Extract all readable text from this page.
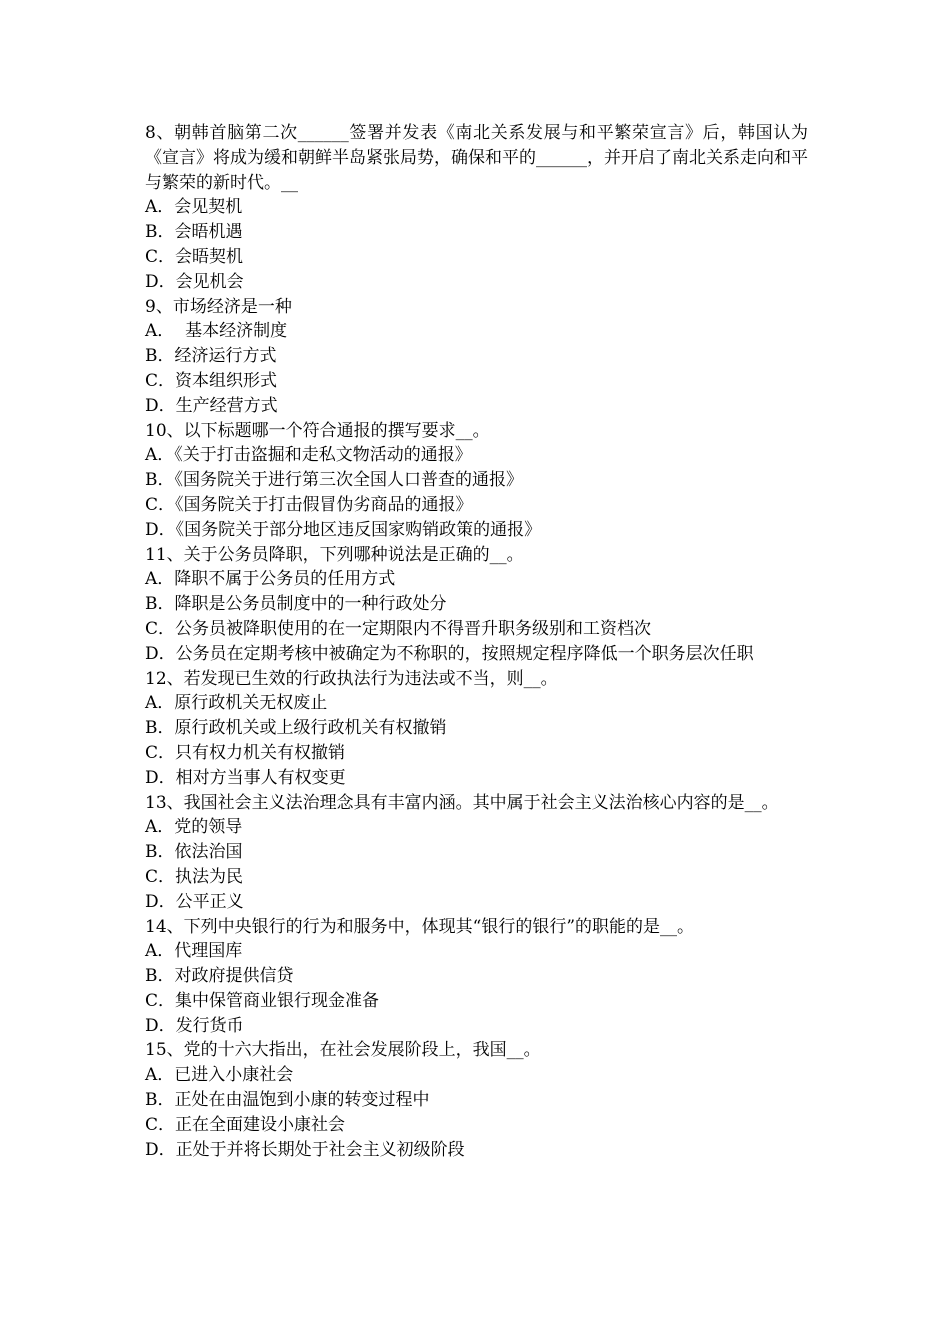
8、朝韩首脑第二次______签署并发表《南北关系发展与和平繁荣宣言》后，韩国认为《宣言》将成为缓和朝鲜半岛紧张局势，确保和平的______，并开启了南北关系走向和平与繁荣的新时代。__
A．会见契机
B．会晤机遇
C．会晤契机
D．会见机会
9、市场经济是一种
A．  基本经济制度
B．经济运行方式
C．资本组织形式
D．生产经营方式
10、以下标题哪一个符合通报的撰写要求__。
A．《关于打击盗掘和走私文物活动的通报》
B．《国务院关于进行第三次全国人口普查的通报》
C．《国务院关于打击假冒伪劣商品的通报》
D．《国务院关于部分地区违反国家购销政策的通报》
11、关于公务员降职，下列哪种说法是正确的__。
A．降职不属于公务员的任用方式
B．降职是公务员制度中的一种行政处分
C．公务员被降职使用的在一定期限内不得晋升职务级别和工资档次
D．公务员在定期考核中被确定为不称职的，按照规定程序降低一个职务层次任职
12、若发现已生效的行政执法行为违法或不当，则__。
A．原行政机关无权废止
B．原行政机关或上级行政机关有权撤销
C．只有权力机关有权撤销
D．相对方当事人有权变更
13、我国社会主义法治理念具有丰富内涵。其中属于社会主义法治核心内容的是__。
A．党的领导
B．依法治国
C．执法为民
D．公平正义
14、下列中央银行的行为和服务中，体现其“银行的银行”的职能的是__。
A．代理国库
B．对政府提供信贷
C．集中保管商业银行现金准备
D．发行货币
15、党的十六大指出，在社会发展阶段上，我国__。
A．已进入小康社会
B．正处在由温饱到小康的转变过程中
C．正在全面建设小康社会
D．正处于并将长期处于社会主义初级阶段
